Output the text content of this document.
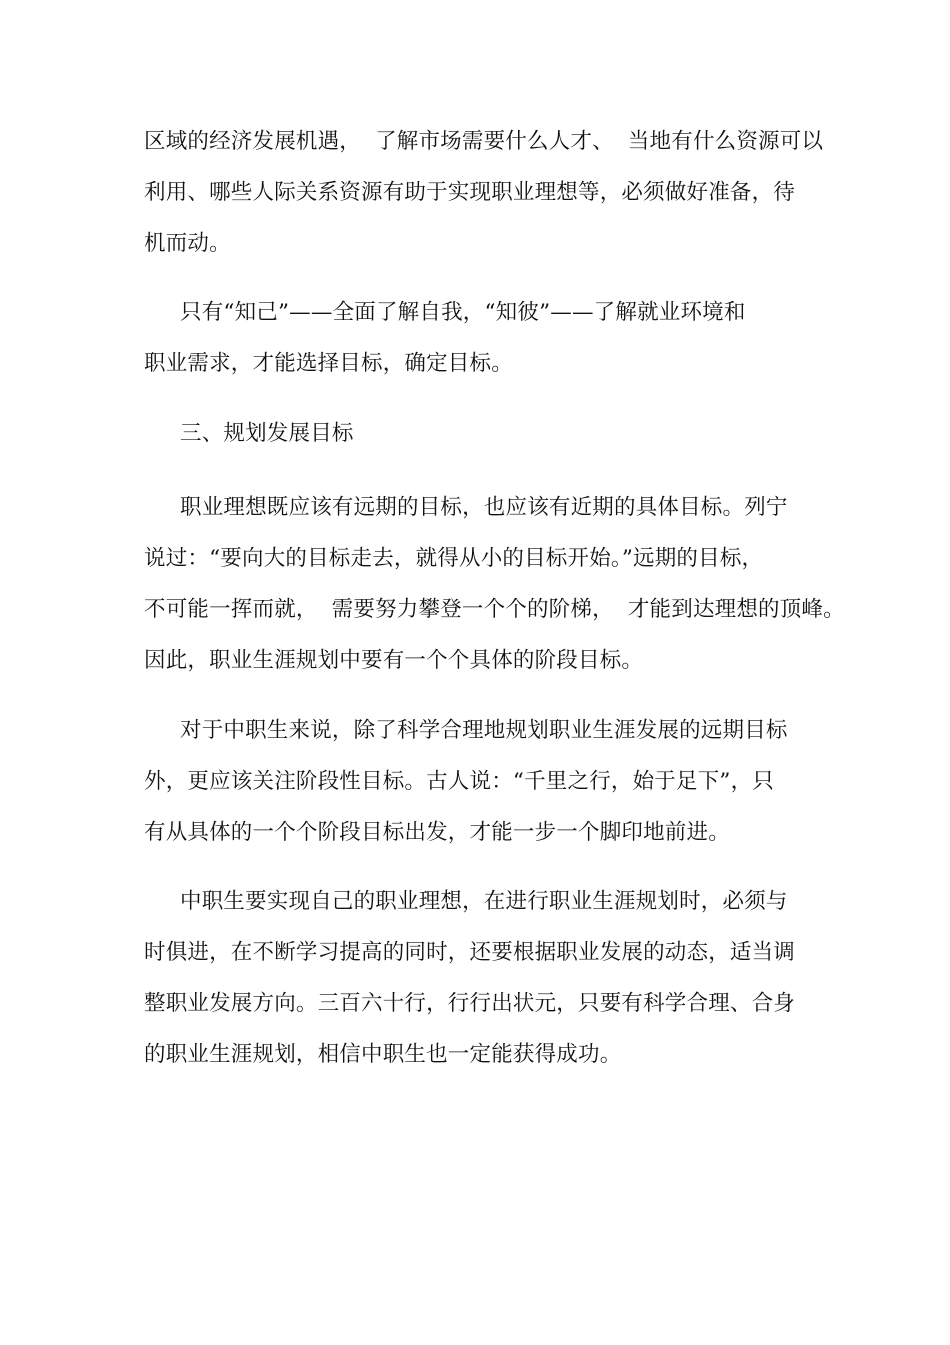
区域的经济发展机遇，  了解市场需要什么人才、  当地有什么资源可以
利用、哪些人际关系资源有助于实现职业理想等，必须做好准备，待
机而动。
只有“知己”——全面了解自我，“知彼”——了解就业环境和
职业需求，才能选择目标，确定目标。
三、规划发展目标
职业理想既应该有远期的目标，也应该有近期的具体目标。列宁
说过：“要向大的目标走去，就得从小的目标开始。”远期的目标，
不可能一挥而就，  需要努力攀登一个个的阶梯，  才能到达理想的顶峰。
因此，职业生涯规划中要有一个个具体的阶段目标。
对于中职生来说，除了科学合理地规划职业生涯发展的远期目标
外，更应该关注阶段性目标。古人说：“千里之行，始于足下”，只
有从具体的一个个阶段目标出发，才能一步一个脚印地前进。
中职生要实现自己的职业理想，在进行职业生涯规划时，必须与
时俱进，在不断学习提高的同时，还要根据职业发展的动态，适当调
整职业发展方向。三百六十行，行行出状元，只要有科学合理、合身
的职业生涯规划，相信中职生也一定能获得成功。
